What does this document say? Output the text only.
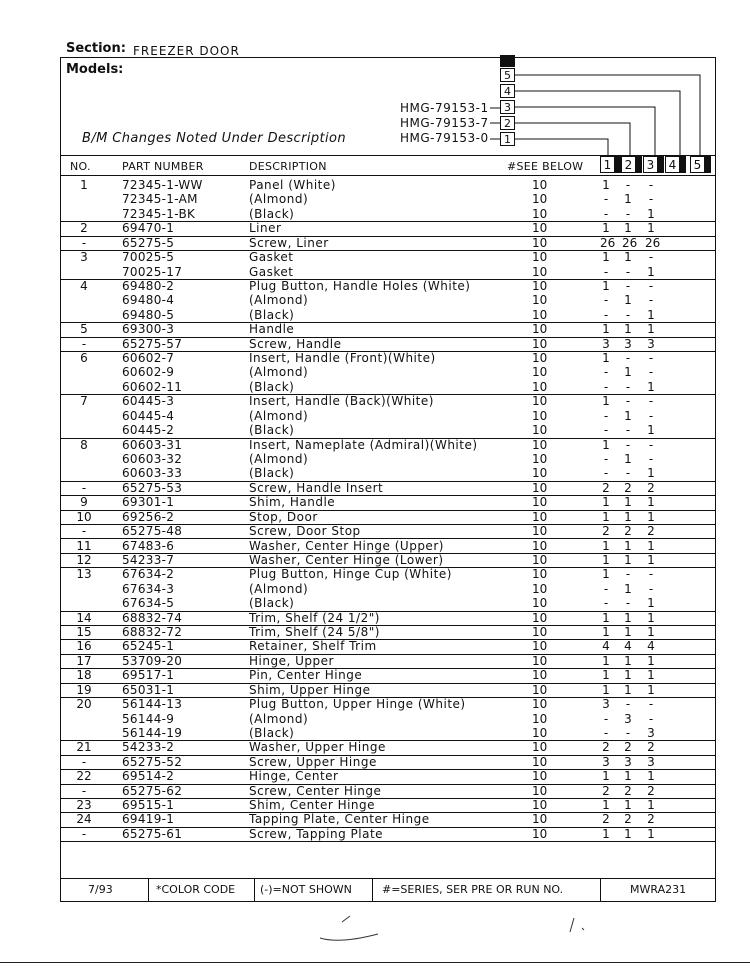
Section: FREEZER DOOR
Models:
HMG-79153-1
HMG-79153-7
HMG-79153-0
B/M Changes Noted Under Description
5
4
3
2
1
NO.	PART NUMBER	DESCRIPTION	#SEE BELOW	1	2	3	4	5
1	72345-1-WW	Panel (White)	10	1	-	-
72345-1-AM	(Almond)	10	-	1	-
72345-1-BK	(Black)	10	-	-	1
2	69470-1	Liner	10	1 1 1
-	65275-5	Screw, Liner	10	26 26 26
3	70025-5	Gasket	10	1 1	-
70025-17	Gasket	10	-	-	1
4	69480-2	Plug Button, Handle Holes (White)	10	1	-	-
69480-4	(Almond)	10	-	1	-
69480-5	(Black)	10	-	-	1
5	69300-3	Handle	10	1 1 1
-	65275-57	Screw, Handle	10	3 3 3
6	60602-7	Insert, Handle (Front)(White)	10	1	-	-
60602-9	(Almond)	10	-	1	-
60602-11	(Black)	10	-	-	1
7	60445-3	Insert, Handle (Back)(White)	10	1	-	-
60445-4	(Almond)	10	-	1	-
60445-2	(Black)	10	-	-	1
8	60603-31	Insert, Nameplate (Admiral)(White)	10	1	-	-
60603-32	(Almond)	10	-	1	-
60603-33	(Black)	10	-	-	1
-	65275-53	Screw, Handle Insert	10	2 2 2
9	69301-1	Shim, Handle	10	1 1 1
10	69256-2	Stop, Door	10	1 1 1
-	65275-48	Screw, Door Stop	10	2 2 2
11	67483-6	Washer, Center Hinge (Upper)	10	1 1 1
12	54233-7	Washer, Center Hinge (Lower)	10	1 1 1
13	67634-2	Plug Button, Hinge Cup (White)	10	1	-	-
67634-3	(Almond)	10	-	1	-
67634-5	(Black)	10	-	-	1
14	68832-74	Trim, Shelf (24 1/2")	10	1 1 1
15	68832-72	Trim, Shelf (24 5/8")	10	1 1 1
16	65245-1	Retainer, Shelf Trim	10	4 4 4
17	53709-20	Hinge, Upper	10	1 1 1
18	69517-1	Pin, Center Hinge	10	1 1 1
19	65031-1	Shim, Upper Hinge	10	1 1 1
20	56144-13	Plug Button, Upper Hinge (White)	10	3	-	-
56144-9	(Almond)	10	-	3	-
56144-19	(Black)	10	-	-	3
21	54233-2	Washer, Upper Hinge	10	2 2 2
-	65275-52	Screw, Upper Hinge	10	3 3 3
22	69514-2	Hinge, Center	10	1 1 1
-	65275-62	Screw, Center Hinge	10	2 2 2
23	69515-1	Shim, Center Hinge	10	1 1 1
24	69419-1	Tapping Plate, Center Hinge	10	2 2 2
-	65275-61	Screw, Tapping Plate	10	1 1 1
7/93	*COLOR CODE (-)=NOT SHOWN	#=SERIES, SER PRE OR RUN NO.	MWRA231
